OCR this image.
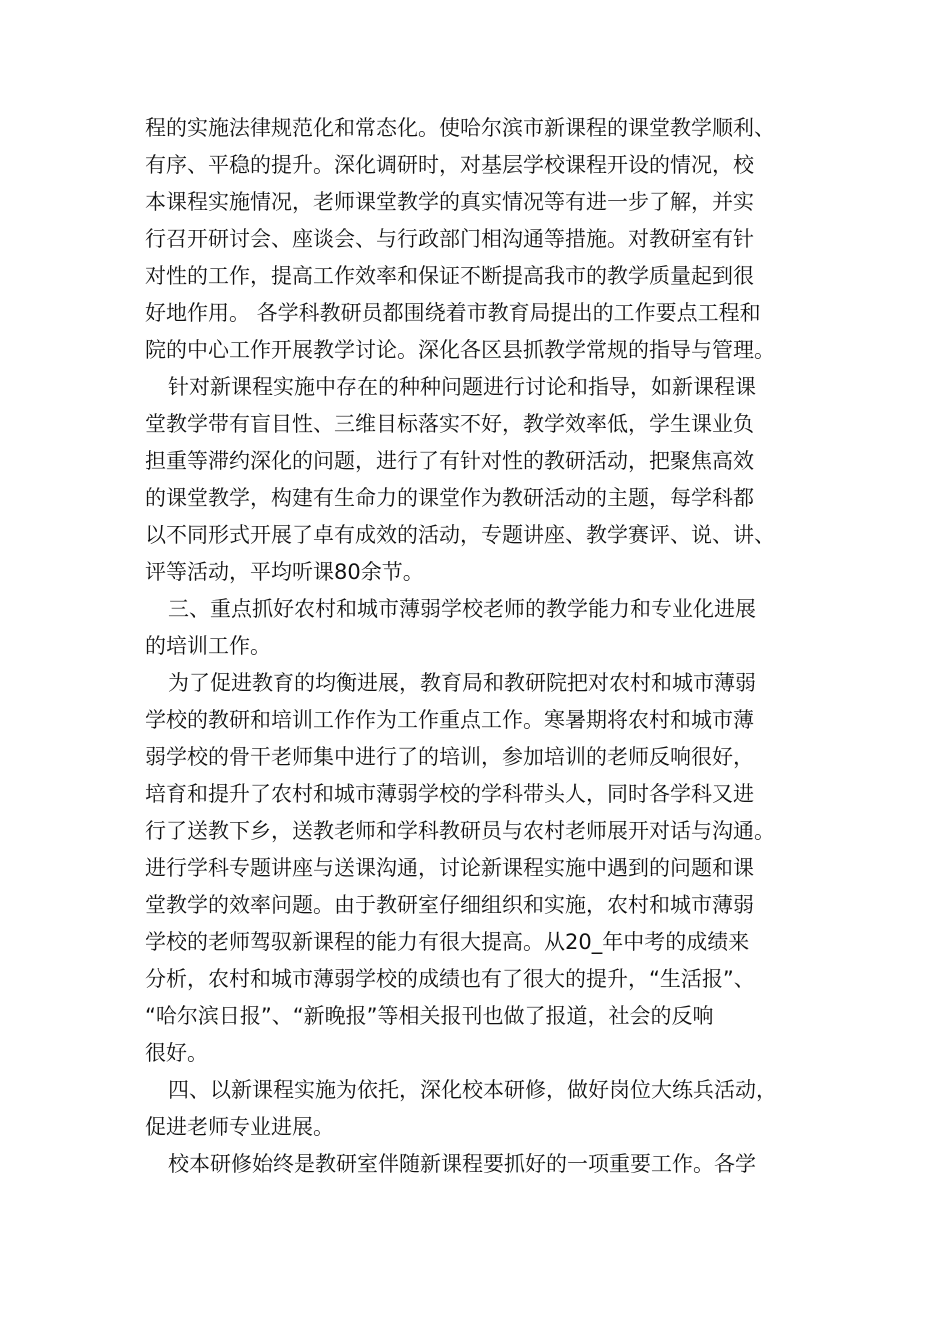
程的实施法律规范化和常态化。使哈尔滨市新课程的课堂教学顺利、
有序、平稳的提升。深化调研时，对基层学校课程开设的情况，校
本课程实施情况，老师课堂教学的真实情况等有进一步了解，并实
行召开研讨会、座谈会、与行政部门相沟通等措施。对教研室有针
对性的工作，提高工作效率和保证不断提高我市的教学质量起到很
好地作用。 各学科教研员都围绕着市教育局提出的工作要点工程和
院的中心工作开展教学讨论。深化各区县抓教学常规的指导与管理。
针对新课程实施中存在的种种问题进行讨论和指导，如新课程课
堂教学带有盲目性、三维目标落实不好，教学效率低，学生课业负
担重等滞约深化的问题，进行了有针对性的教研活动，把聚焦高效
的课堂教学，构建有生命力的课堂作为教研活动的主题，每学科都
以不同形式开展了卓有成效的活动，专题讲座、教学赛评、说、讲、
评等活动，平均听课80余节。
三、重点抓好农村和城市薄弱学校老师的教学能力和专业化进展
的培训工作。
为了促进教育的均衡进展，教育局和教研院把对农村和城市薄弱
学校的教研和培训工作作为工作重点工作。寒暑期将农村和城市薄
弱学校的骨干老师集中进行了的培训，参加培训的老师反响很好，
培育和提升了农村和城市薄弱学校的学科带头人，同时各学科又进
行了送教下乡，送教老师和学科教研员与农村老师展开对话与沟通。
进行学科专题讲座与送课沟通，讨论新课程实施中遇到的问题和课
堂教学的效率问题。由于教研室仔细组织和实施，农村和城市薄弱
学校的老师驾驭新课程的能力有很大提高。从20_年中考的成绩来
分析，农村和城市薄弱学校的成绩也有了很大的提升，“生活报”、
“哈尔滨日报”、“新晚报”等相关报刊也做了报道，社会的反响
很好。
四、以新课程实施为依托，深化校本研修，做好岗位大练兵活动，
促进老师专业进展。
校本研修始终是教研室伴随新课程要抓好的一项重要工作。各学
